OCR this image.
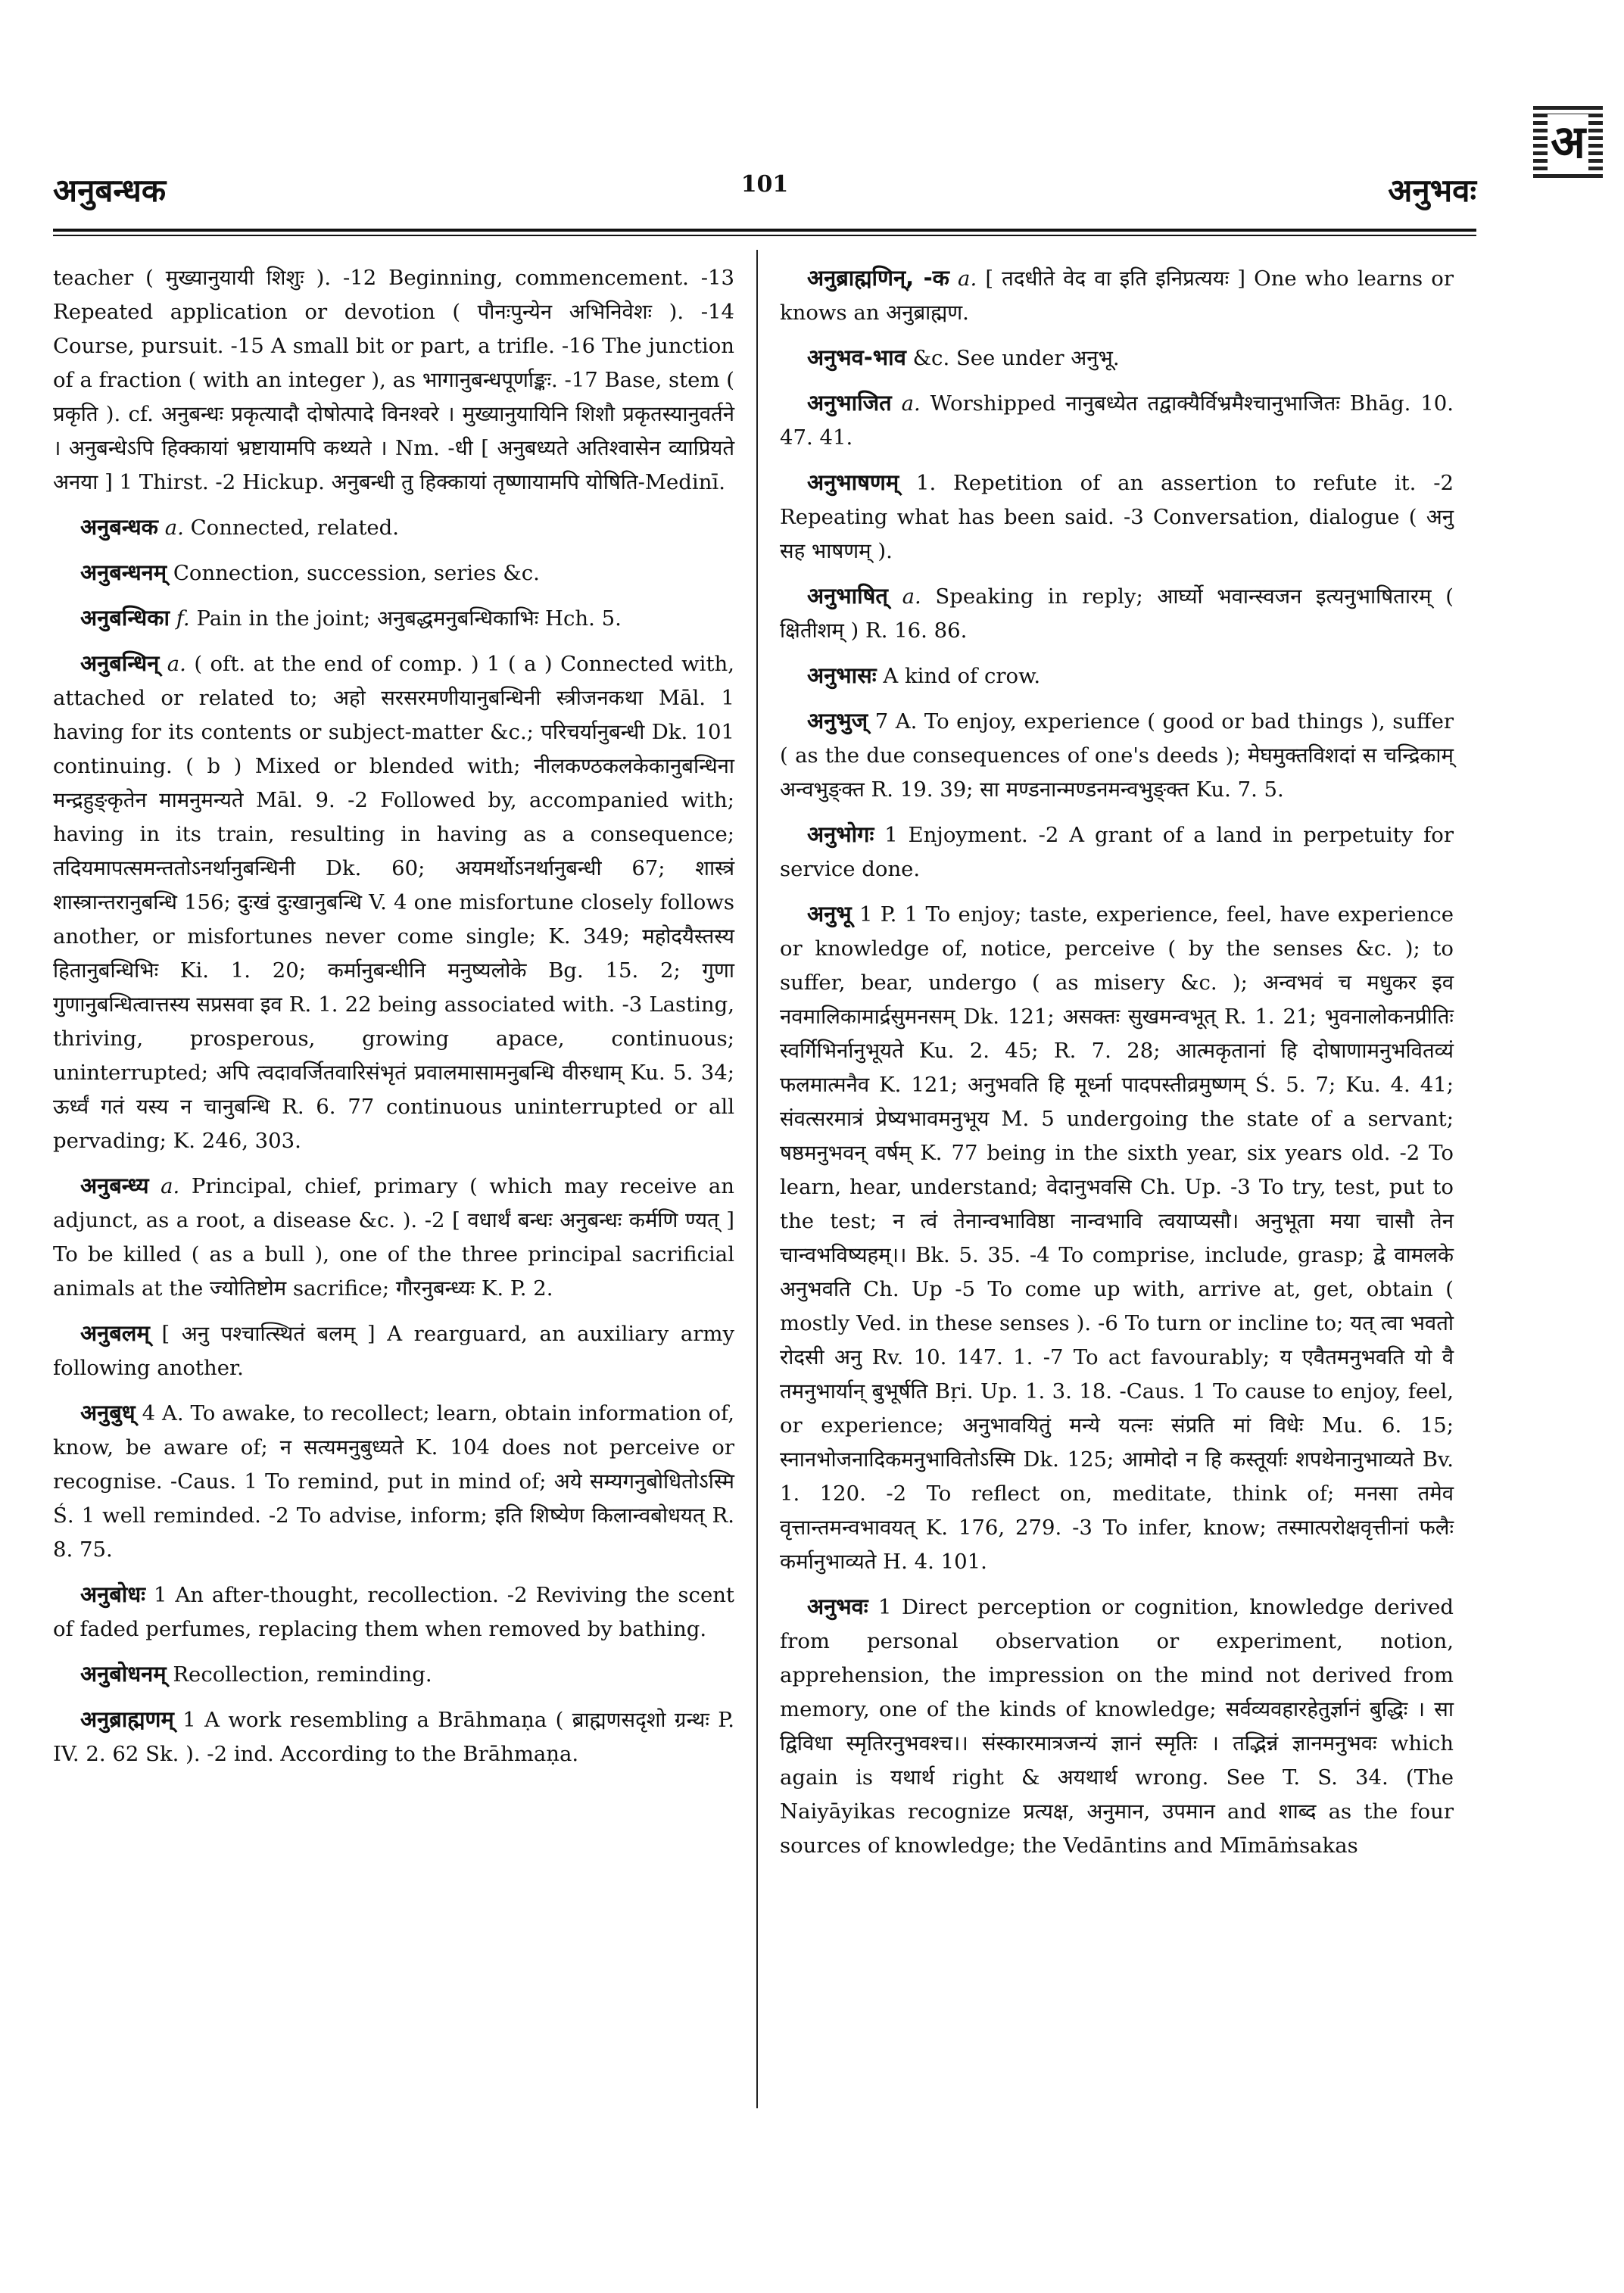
अ
अनुबन्धक	101	अनुभवः

teacher ( मुख्यानुयायी शिशुः ). -12 Beginning, commencement. -13 Repeated application or devotion ( पौनःपुन्येन अभिनिवेशः ). -14 Course, pursuit. -15 A small bit or part, a trifle. -16 The junction of a fraction ( with an integer ), as भागानुबन्धपूर्णाङ्कः. -17 Base, stem ( प्रकृति ). cf. अनुबन्धः प्रकृत्यादौ दोषोत्पादे विनश्वरे । मुख्यानुयायिनि शिशौ प्रकृतस्यानुवर्तने । अनुबन्धेऽपि हिक्कायां भ्रष्टायामपि कथ्यते । Nm. -धी [ अनुबध्यते अतिश्वासेन व्याप्रियते अनया ] 1 Thirst. -2 Hickup. अनुबन्धी तु हिक्कायां तृष्णायामपि योषिति-Medinī.

अनुबन्धक a. Connected, related.

अनुबन्धनम् Connection, succession, series &c.

अनुबन्धिका f. Pain in the joint; अनुबद्धमनुबन्धिकाभिः Hch. 5.

अनुबन्धिन् a. ( oft. at the end of comp. ) 1 ( a ) Connected with, attached or related to; अहो सरसरमणीयानुबन्धिनी स्त्रीजनकथा Māl. 1 having for its contents or subject-matter &c.; परिचर्यानुबन्धी Dk. 101 continuing. ( b ) Mixed or blended with; नीलकण्ठकलकेकानुबन्धिना मन्द्रहुङ्कृतेन मामनुमन्यते Māl. 9. -2 Followed by, accompanied with; having in its train, resulting in having as a consequence; तदियमापत्समन्ततोऽनर्थानुबन्धिनी Dk. 60; अयमर्थोऽनर्थानुबन्धी 67; शास्त्रं शास्त्रान्तरानुबन्धि 156; दुःखं दुःखानुबन्धि V. 4 one misfortune closely follows another, or misfortunes never come single; K. 349; महोदयैस्तस्य हितानुबन्धिभिः Ki. 1. 20; कर्मानुबन्धीनि मनुष्यलोके Bg. 15. 2; गुणा गुणानुबन्धित्वात्तस्य सप्रसवा इव R. 1. 22 being associated with. -3 Lasting, thriving, prosperous, growing apace, continuous; uninterrupted; अपि त्वदावर्जितवारिसंभृतं प्रवालमासामनुबन्धि वीरुधाम् Ku. 5. 34; ऊर्ध्वं गतं यस्य न चानुबन्धि R. 6. 77 continuous uninterrupted or all pervading; K. 246, 303.

अनुबन्ध्य a. Principal, chief, primary ( which may receive an adjunct, as a root, a disease &c. ). -2 [ वधार्थं बन्धः अनुबन्धः कर्मणि ण्यत् ] To be killed ( as a bull ), one of the three principal sacrificial animals at the ज्योतिष्टोम sacrifice; गौरनुबन्ध्यः K. P. 2.

अनुबलम् [ अनु पश्चात्स्थितं बलम् ] A rearguard, an auxiliary army following another.

अनुबुध् 4 A. To awake, to recollect; learn, obtain information of, know, be aware of; न सत्यमनुबुध्यते K. 104 does not perceive or recognise. -Caus. 1 To remind, put in mind of; अये सम्यगनुबोधितोऽस्मि Ś. 1 well reminded. -2 To advise, inform; इति शिष्येण किलान्वबोधयत् R. 8. 75.

अनुबोधः 1 An after-thought, recollection. -2 Reviving the scent of faded perfumes, replacing them when removed by bathing.

अनुबोधनम् Recollection, reminding.

अनुब्राह्मणम् 1 A work resembling a Brāhmaṇa ( ब्राह्मणसदृशो ग्रन्थः P. IV. 2. 62 Sk. ). -2 ind. According to the Brāhmaṇa.

अनुब्राह्मणिन्, -क a. [ तदधीते वेद वा इति इनिप्रत्ययः ] One who learns or knows an अनुब्राह्मण.

अनुभव-भाव &c. See under अनुभू.

अनुभाजित a. Worshipped नानुबध्येत तद्वाक्यैर्विभ्रमैश्चानुभाजितः Bhāg. 10. 47. 41.

अनुभाषणम् 1. Repetition of an assertion to refute it. -2 Repeating what has been said. -3 Conversation, dialogue ( अनु सह भाषणम् ).

अनुभाषित् a. Speaking in reply; आर्घ्यो भवान्स्वजन इत्यनुभाषितारम् ( क्षितीशम् ) R. 16. 86.

अनुभासः A kind of crow.

अनुभुज् 7 A. To enjoy, experience ( good or bad things ), suffer ( as the due consequences of one's deeds ); मेघमुक्तविशदां स चन्द्रिकाम् अन्वभुङ्क्त R. 19. 39; सा मण्डनान्मण्डनमन्वभुङ्क्त Ku. 7. 5.

अनुभोगः 1 Enjoyment. -2 A grant of a land in perpetuity for service done.

अनुभू 1 P. 1 To enjoy; taste, experience, feel, have experience or knowledge of, notice, perceive ( by the senses &c. ); to suffer, bear, undergo ( as misery &c. ); अन्वभवं च मधुकर इव नवमालिकामार्द्रसुमनसम् Dk. 121; असक्तः सुखमन्वभूत् R. 1. 21; भुवनालोकनप्रीतिः स्वर्गिभिर्नानुभूयते Ku. 2. 45; R. 7. 28; आत्मकृतानां हि दोषाणामनुभवितव्यं फलमात्मनैव K. 121; अनुभवति हि मूर्ध्ना पादपस्तीव्रमुष्णम् Ś. 5. 7; Ku. 4. 41; संवत्सरमात्रं प्रेष्यभावमनुभूय M. 5 undergoing the state of a servant; षष्ठमनुभवन् वर्षम् K. 77 being in the sixth year, six years old. -2 To learn, hear, understand; वेदानुभवसि Ch. Up. -3 To try, test, put to the test; न त्वं तेनान्वभाविष्ठा नान्वभावि त्वयाप्यसौ। अनुभूता मया चासौ तेन चान्वभविष्यहम्।। Bk. 5. 35. -4 To comprise, include, grasp; द्वे वामलके अनुभवति Ch. Up -5 To come up with, arrive at, get, obtain ( mostly Ved. in these senses ). -6 To turn or incline to; यत् त्वा भवतो रोदसी अनु Rv. 10. 147. 1. -7 To act favourably; य एवैतमनुभवति यो वै तमनुभार्यान् बुभूर्षति Bṛi. Up. 1. 3. 18. -Caus. 1 To cause to enjoy, feel, or experience; अनुभावयितुं मन्ये यत्नः संप्रति मां विधेः Mu. 6. 15; स्नानभोजनादिकमनुभावितोऽस्मि Dk. 125; आमोदो न हि कस्तूर्याः शपथेनानुभाव्यते Bv. 1. 120. -2 To reflect on, meditate, think of; मनसा तमेव वृत्तान्तमन्वभावयत् K. 176, 279. -3 To infer, know; तस्मात्परोक्षवृत्तीनां फलैः कर्मानुभाव्यते H. 4. 101.

अनुभवः 1 Direct perception or cognition, knowledge derived from personal observation or experiment, notion, apprehension, the impression on the mind not derived from memory, one of the kinds of knowledge; सर्वव्यवहारहेतुर्ज्ञानं बुद्धिः । सा द्विविधा स्मृतिरनुभवश्च।। संस्कारमात्रजन्यं ज्ञानं स्मृतिः । तद्भिन्नं ज्ञानमनुभवः which again is यथार्थ right & अयथार्थ wrong. See T. S. 34. (The Naiyāyikas recognize प्रत्यक्ष, अनुमान, उपमान and शाब्द as the four sources of knowledge; the Vedāntins and Mīmāṁsakas
